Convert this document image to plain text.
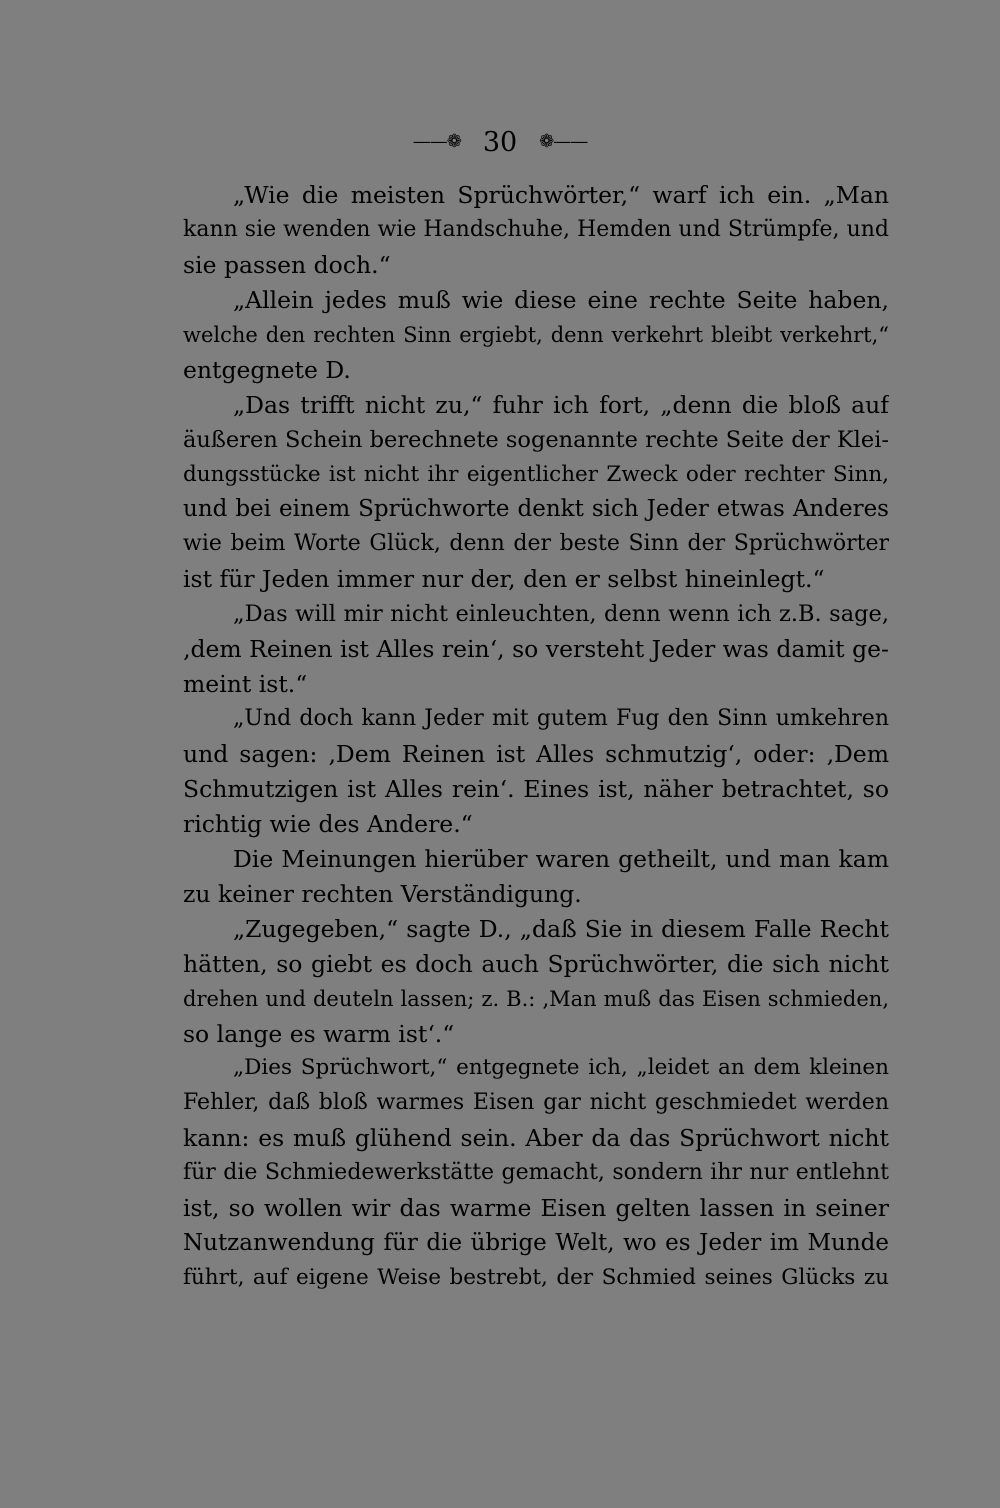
——❁ 30	❁——
„Wie die meisten Sprüchwörter,“ warf ich ein. „Man
kann sie wenden wie Handschuhe, Hemden und Strümpfe, und
sie passen doch.“
„Allein jedes muß wie diese eine rechte Seite haben,
welche den rechten Sinn ergiebt, denn verkehrt bleibt verkehrt,“
entgegnete D.
„Das trifft nicht zu,“ fuhr ich fort, „denn die bloß auf
äußeren Schein berechnete sogenannte rechte Seite der Klei-
dungsstücke ist nicht ihr eigentlicher Zweck oder rechter Sinn,
und bei einem Sprüchworte denkt sich Jeder etwas Anderes
wie beim Worte Glück, denn der beste Sinn der Sprüchwörter
ist für Jeden immer nur der, den er selbst hineinlegt.“
„Das will mir nicht einleuchten, denn wenn ich z.B. sage,
‚dem Reinen ist Alles rein‘, so versteht Jeder was damit ge-
meint ist.“
„Und doch kann Jeder mit gutem Fug den Sinn umkehren
und sagen: ‚Dem Reinen ist Alles schmutzig‘, oder: ‚Dem
Schmutzigen ist Alles rein‘. Eines ist, näher betrachtet, so
richtig wie des Andere.“
Die Meinungen hierüber waren getheilt, und man kam
zu keiner rechten Verständigung.
„Zugegeben,“ sagte D., „daß Sie in diesem Falle Recht
hätten, so giebt es doch auch Sprüchwörter, die sich nicht
drehen und deuteln lassen; z. B.: ‚Man muß das Eisen schmieden,
so lange es warm ist‘.“
„Dies Sprüchwort,“ entgegnete ich, „leidet an dem kleinen
Fehler, daß bloß warmes Eisen gar nicht geschmiedet werden
kann: es muß glühend sein. Aber da das Sprüchwort nicht
für die Schmiedewerkstätte gemacht, sondern ihr nur entlehnt
ist, so wollen wir das warme Eisen gelten lassen in seiner
Nutzanwendung für die übrige Welt, wo es Jeder im Munde
führt, auf eigene Weise bestrebt, der Schmied seines Glücks zu
